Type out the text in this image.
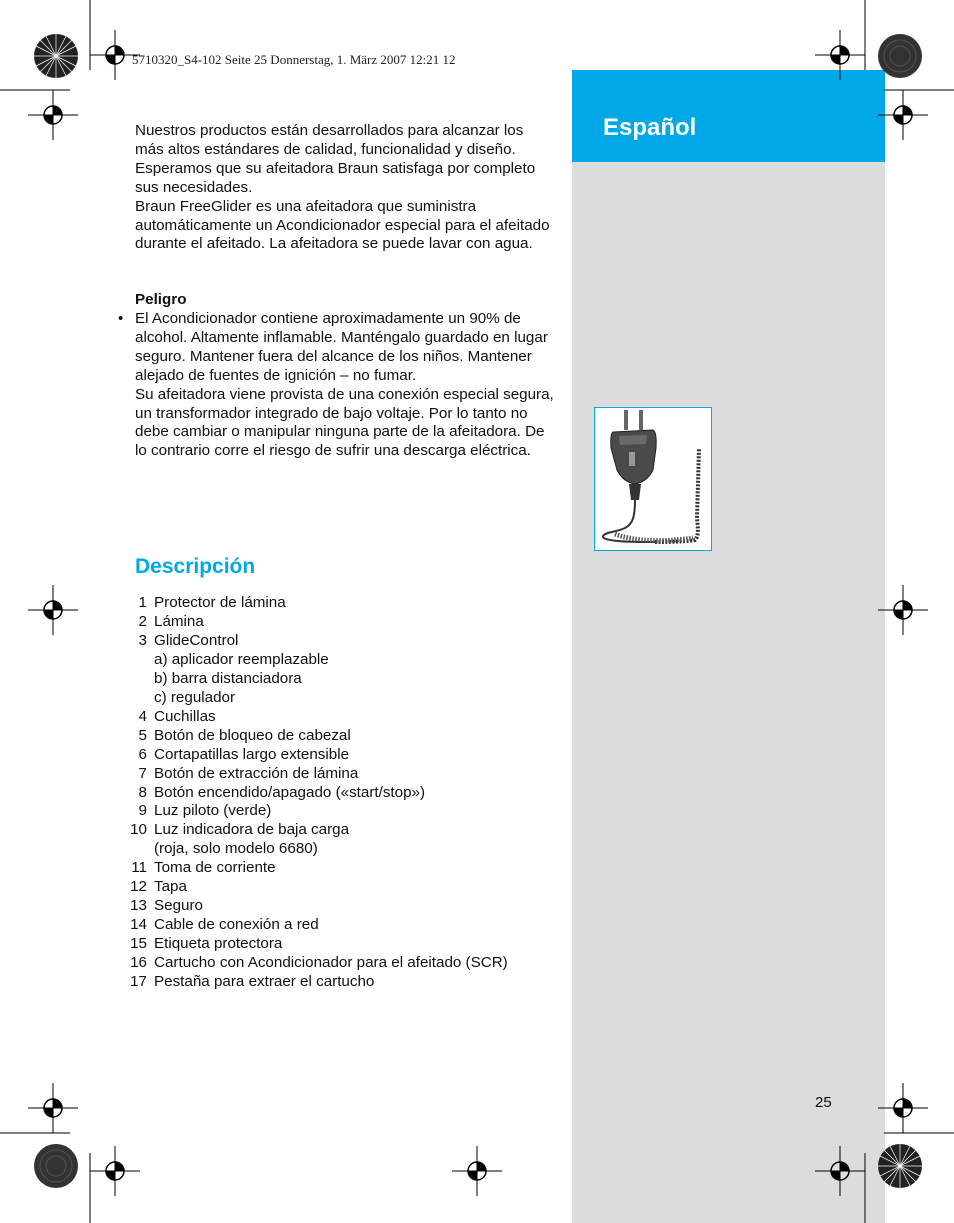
Español
5710320_S4-102 Seite 25 Donnerstag, 1. März 2007 12:21 12

Nuestros productos están desarrollados para alcanzar los más altos estándares de calidad, funcionalidad y diseño. Esperamos que su afeitadora Braun satisfaga por completo sus necesidades.

Braun FreeGlider es una afeitadora que suministra automáticamente un Acondicionador especial para el afeitado durante el afeitado. La afeitadora se puede lavar con agua.

Peligro
• El Acondicionador contiene aproximadamente un 90% de alcohol. Altamente inflamable. Manténgalo guardado en lugar seguro. Mantener fuera del alcance de los niños. Mantener alejado de fuentes de ignición – no fumar.

Su afeitadora viene provista de una conexión especial segura, un transformador integrado de bajo voltaje. Por lo tanto no debe cambiar o manipular ninguna parte de la afeitadora. De lo contrario corre el riesgo de sufrir una descarga eléctrica.

Descripción
1 Protector de lámina
2 Lámina
3 GlideControl
a) aplicador reemplazable
b) barra distanciadora
c) regulador
4 Cuchillas
5 Botón de bloqueo de cabezal
6 Cortapatillas largo extensible
7 Botón de extracción de lámina
8 Botón encendido/apagado («start/stop»)
9 Luz piloto (verde)
10 Luz indicadora de baja carga
(roja, solo modelo 6680)
11 Toma de corriente
12 Tapa
13 Seguro
14 Cable de conexión a red
15 Etiqueta protectora
16 Cartucho con Acondicionador para el afeitado (SCR)
17 Pestaña para extraer el cartucho
25
